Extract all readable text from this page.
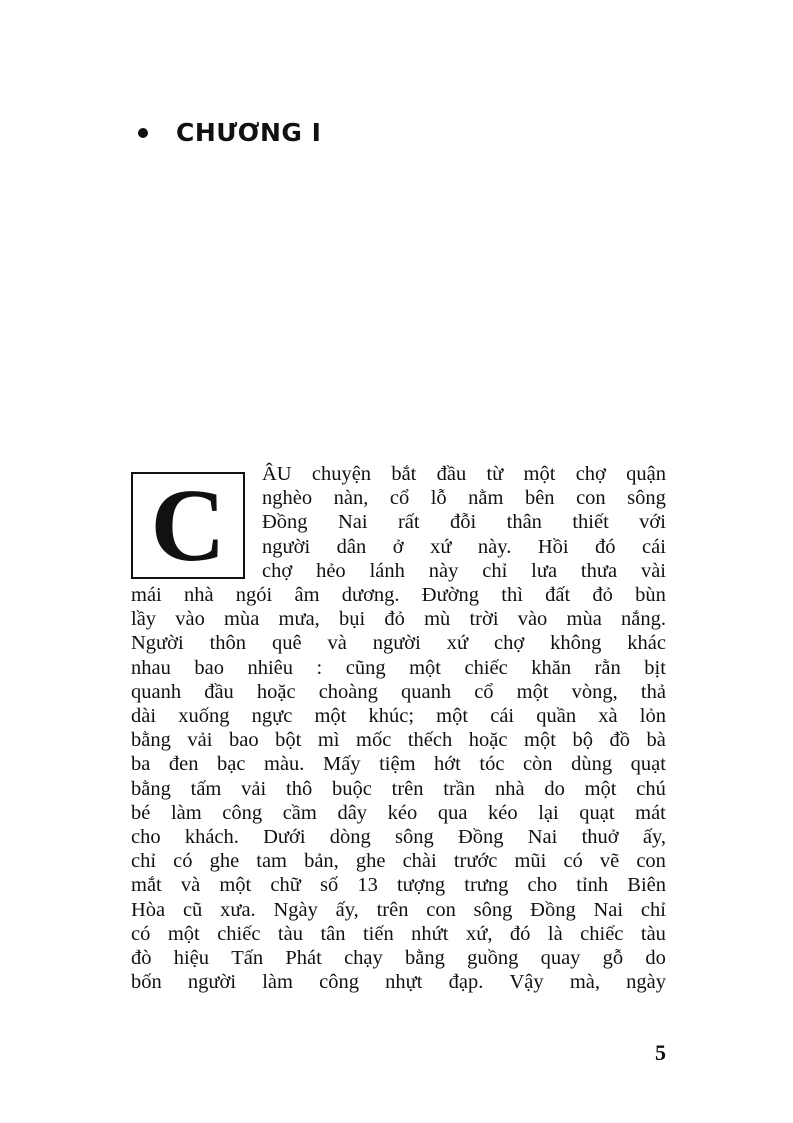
CHƯƠNG I
C	ÂU chuyện bắt đầu từ một chợ quận
nghèo nàn, cổ lỗ nằm bên con sông
Đồng Nai rất đỗi thân thiết với
người dân ở xứ này. Hồi đó cái
chợ hẻo lánh này chỉ lưa thưa vài
mái nhà ngói âm dương. Đường thì đất đỏ bùn
lầy vào mùa mưa, bụi đỏ mù trời vào mùa nắng.
Người thôn quê và người xứ chợ không khác
nhau bao nhiêu : cũng một chiếc khăn rằn bịt
quanh đầu hoặc choàng quanh cổ một vòng, thả
dài xuống ngực một khúc; một cái quần xà lỏn
bằng vải bao bột mì mốc thếch hoặc một bộ đồ bà
ba đen bạc màu. Mấy tiệm hớt tóc còn dùng quạt
bằng tấm vải thô buộc trên trần nhà do một chú
bé làm công cầm dây kéo qua kéo lại quạt mát
cho khách. Dưới dòng sông Đồng Nai thuở ấy,
chỉ có ghe tam bản, ghe chài trước mũi có vẽ con
mắt và một chữ số 13 tượng trưng cho tỉnh Biên
Hòa cũ xưa. Ngày ấy, trên con sông Đồng Nai chỉ
có một chiếc tàu tân tiến nhứt xứ, đó là chiếc tàu
đò hiệu Tấn Phát chạy bằng guồng quay gỗ do
bốn người làm công nhựt đạp. Vậy mà, ngày
5
